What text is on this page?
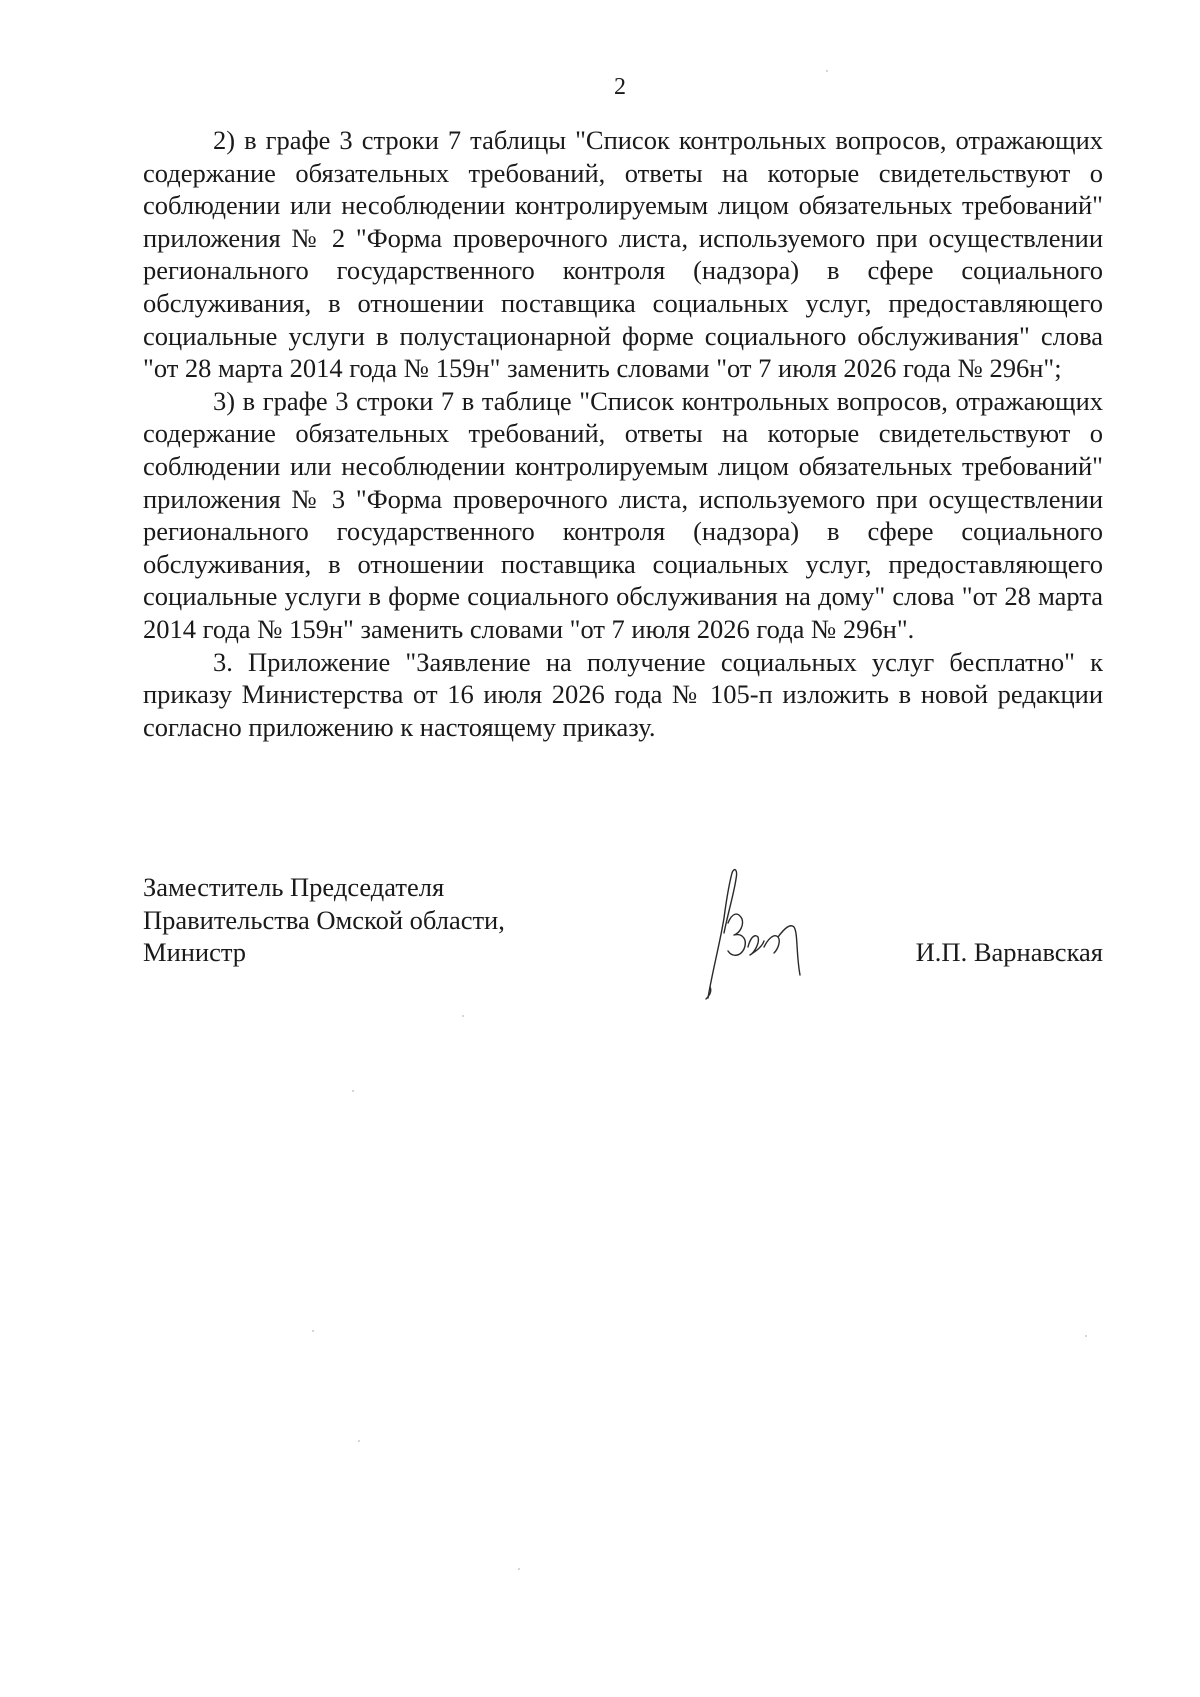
2

2) в графе 3 строки 7 таблицы "Список контрольных вопросов, отражающих содержание обязательных требований, ответы на которые свидетельствуют о соблюдении или несоблюдении контролируемым лицом обязательных требований" приложения № 2 "Форма проверочного листа, используемого при осуществлении регионального государственного контроля (надзора) в сфере социального обслуживания, в отношении поставщика социальных услуг, предоставляющего социальные услуги в полустационарной форме социального обслуживания" слова "от 28 марта 2014 года № 159н" заменить словами "от 7 июля 2026 года № 296н";

3) в графе 3 строки 7 в таблице "Список контрольных вопросов, отражающих содержание обязательных требований, ответы на которые свидетельствуют о соблюдении или несоблюдении контролируемым лицом обязательных требований" приложения № 3 "Форма проверочного листа, используемого при осуществлении регионального государственного контроля (надзора) в сфере социального обслуживания, в отношении поставщика социальных услуг, предоставляющего социальные услуги в форме социального обслуживания на дому" слова "от 28 марта 2014 года № 159н" заменить словами "от 7 июля 2026 года № 296н".

3. Приложение "Заявление на получение социальных услуг бесплатно" к приказу Министерства от 16 июля 2026 года № 105-п изложить в новой редакции согласно приложению к настоящему приказу.

Заместитель Председателя
Правительства Омской области,
Министр	И.П. Варнавская
